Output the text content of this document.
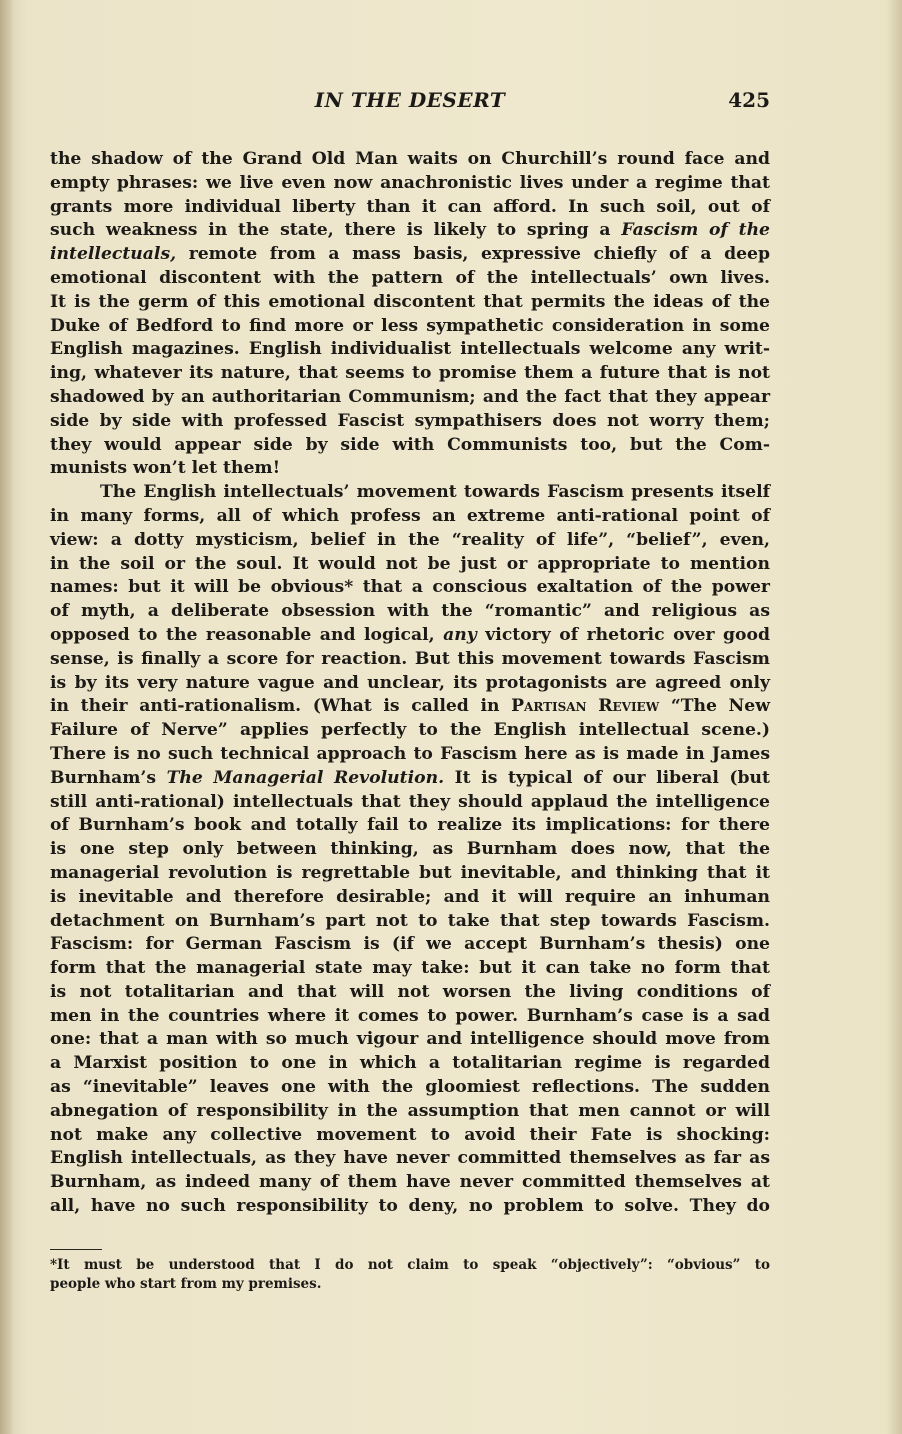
IN THE DESERT	425
the shadow of the Grand Old Man waits on Churchill’s round face and
empty phrases: we live even now anachronistic lives under a regime that
grants more individual liberty than it can afford. In such soil, out of
such weakness in the state, there is likely to spring a Fascism of the
intellectuals, remote from a mass basis, expressive chiefly of a deep
emotional discontent with the pattern of the intellectuals’ own lives.
It is the germ of this emotional discontent that permits the ideas of the
Duke of Bedford to find more or less sympathetic consideration in some
English magazines. English individualist intellectuals welcome any writ-
ing, whatever its nature, that seems to promise them a future that is not
shadowed by an authoritarian Communism; and the fact that they appear
side by side with professed Fascist sympathisers does not worry them;
they would appear side by side with Communists too, but the Com-
munists won’t let them!
The English intellectuals’ movement towards Fascism presents itself
in many forms, all of which profess an extreme anti-rational point of
view: a dotty mysticism, belief in the “reality of life”, “belief”, even,
in the soil or the soul. It would not be just or appropriate to mention
names: but it will be obvious* that a conscious exaltation of the power
of myth, a deliberate obsession with the “romantic” and religious as
opposed to the reasonable and logical, any victory of rhetoric over good
sense, is finally a score for reaction. But this movement towards Fascism
is by its very nature vague and unclear, its protagonists are agreed only
in their anti-rationalism. (What is called in Partisan Review “The New
Failure of Nerve” applies perfectly to the English intellectual scene.)
There is no such technical approach to Fascism here as is made in James
Burnham’s The Managerial Revolution. It is typical of our liberal (but
still anti-rational) intellectuals that they should applaud the intelligence
of Burnham’s book and totally fail to realize its implications: for there
is one step only between thinking, as Burnham does now, that the
managerial revolution is regrettable but inevitable, and thinking that it
is inevitable and therefore desirable; and it will require an inhuman
detachment on Burnham’s part not to take that step towards Fascism.
Fascism: for German Fascism is (if we accept Burnham’s thesis) one
form that the managerial state may take: but it can take no form that
is not totalitarian and that will not worsen the living conditions of
men in the countries where it comes to power. Burnham’s case is a sad
one: that a man with so much vigour and intelligence should move from
a Marxist position to one in which a totalitarian regime is regarded
as “inevitable” leaves one with the gloomiest reflections. The sudden
abnegation of responsibility in the assumption that men cannot or will
not make any collective movement to avoid their Fate is shocking:
English intellectuals, as they have never committed themselves as far as
Burnham, as indeed many of them have never committed themselves at
all, have no such responsibility to deny, no problem to solve. They do
*It must be understood that I do not claim to speak “objectively”: “obvious” to
people who start from my premises.
